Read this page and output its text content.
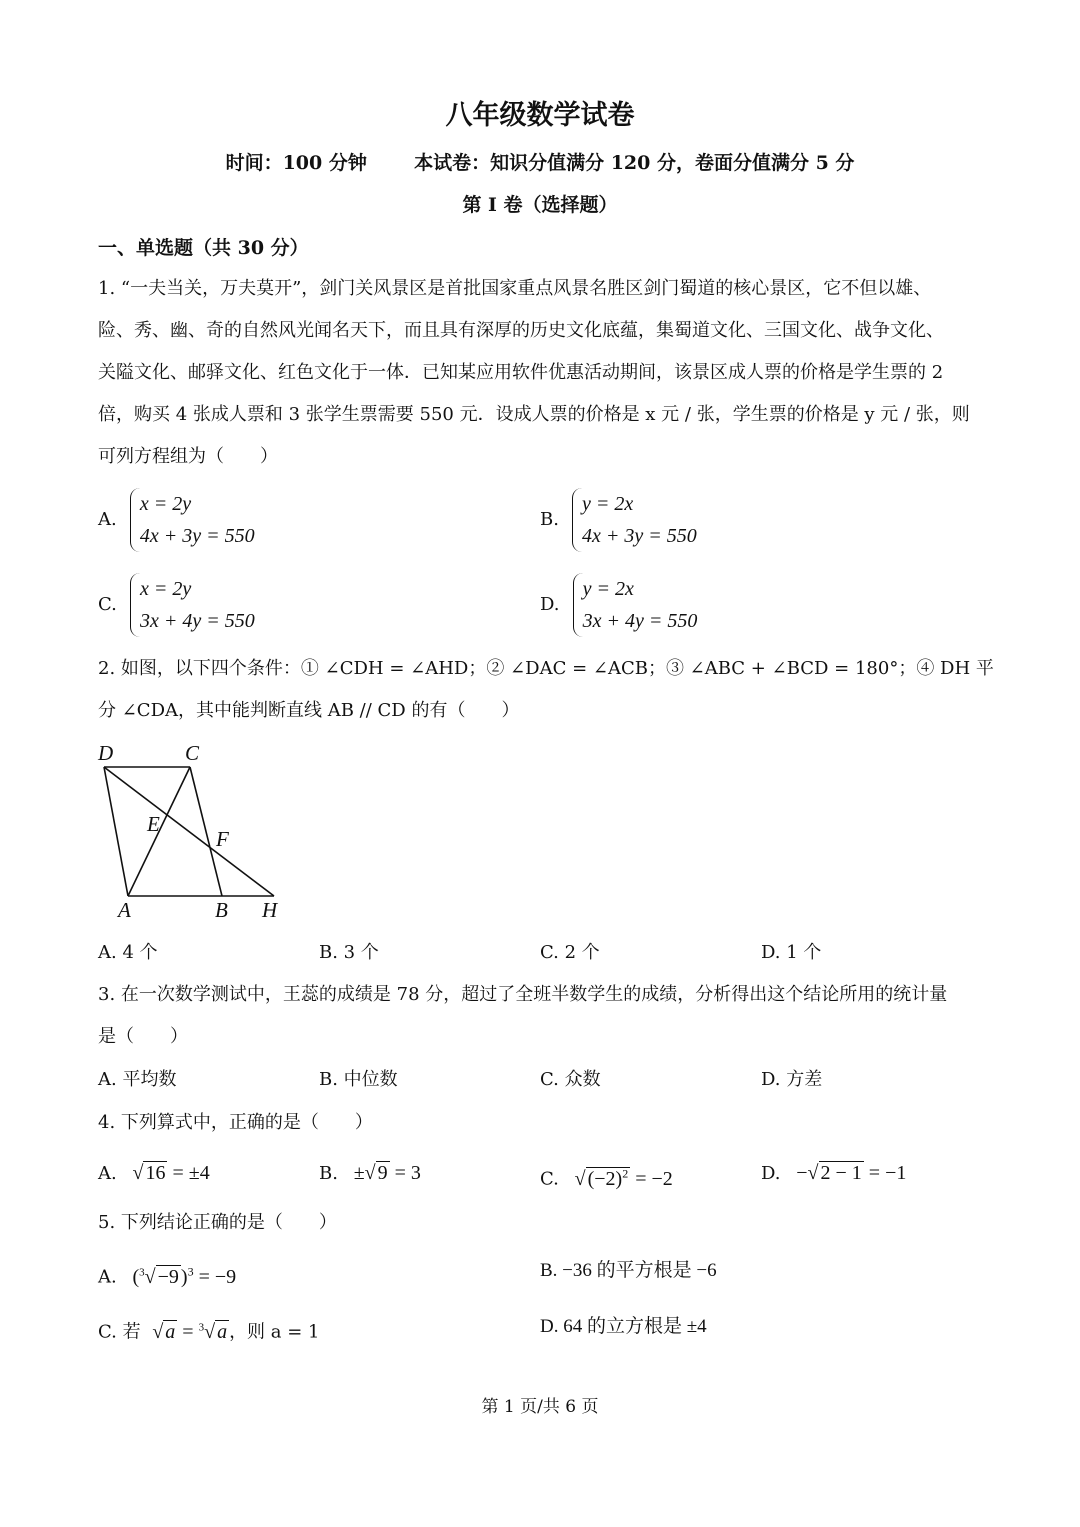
八年级数学试卷
时间：100 分钟 本试卷：知识分值满分 120 分，卷面分值满分 5 分
第 I 卷（选择题）
一、单选题（共 30 分）
1. “一夫当关，万夫莫开”，剑门关风景区是首批国家重点风景名胜区剑门蜀道的核心景区，它不但以雄、
险、秀、幽、奇的自然风光闻名天下，而且具有深厚的历史文化底蕴，集蜀道文化、三国文化、战争文化、
关隘文化、邮驿文化、红色文化于一体．已知某应用软件优惠活动期间，该景区成人票的价格是学生票的 2
倍，购买 4 张成人票和 3 张学生票需要 550 元．设成人票的价格是 x 元 / 张，学生票的价格是 y 元 / 张，则
可列方程组为（　　）
A.
x = 2y
4x + 3y = 550
B.
y = 2x
4x + 3y = 550
C.
x = 2y
3x + 4y = 550
D.
y = 2x
3x + 4y = 550
2. 如图，以下四个条件：① ∠CDH = ∠AHD；② ∠DAC = ∠ACB；③ ∠ABC + ∠BCD = 180°；④ DH 平
分 ∠CDA，其中能判断直线 AB // CD 的有（　　）
D	C
E
F
A	B H
A. 4 个	B. 3 个	C. 2 个	D. 1 个
3. 在一次数学测试中，王蕊的成绩是 78 分，超过了全班半数学生的成绩，分析得出这个结论所用的统计量
是（　　）
A. 平均数	B. 中位数	C. 众数	D. 方差
4. 下列算式中，正确的是（　　）
A. √ 16 = ±4	B. ±√ 9 = 3	C. √ $(-2)^2 = -2$	D. −√ 2 − 1 = −1
5. 下列结论正确的是（　　）
A. ($^3$√ −9 )$^3$ = −9	B. −36 的平方根是 −6
C. 若 √ a = $^3$√ a ，则 a = 1	D. 64 的立方根是 ±4
第 1 页/共 6 页
